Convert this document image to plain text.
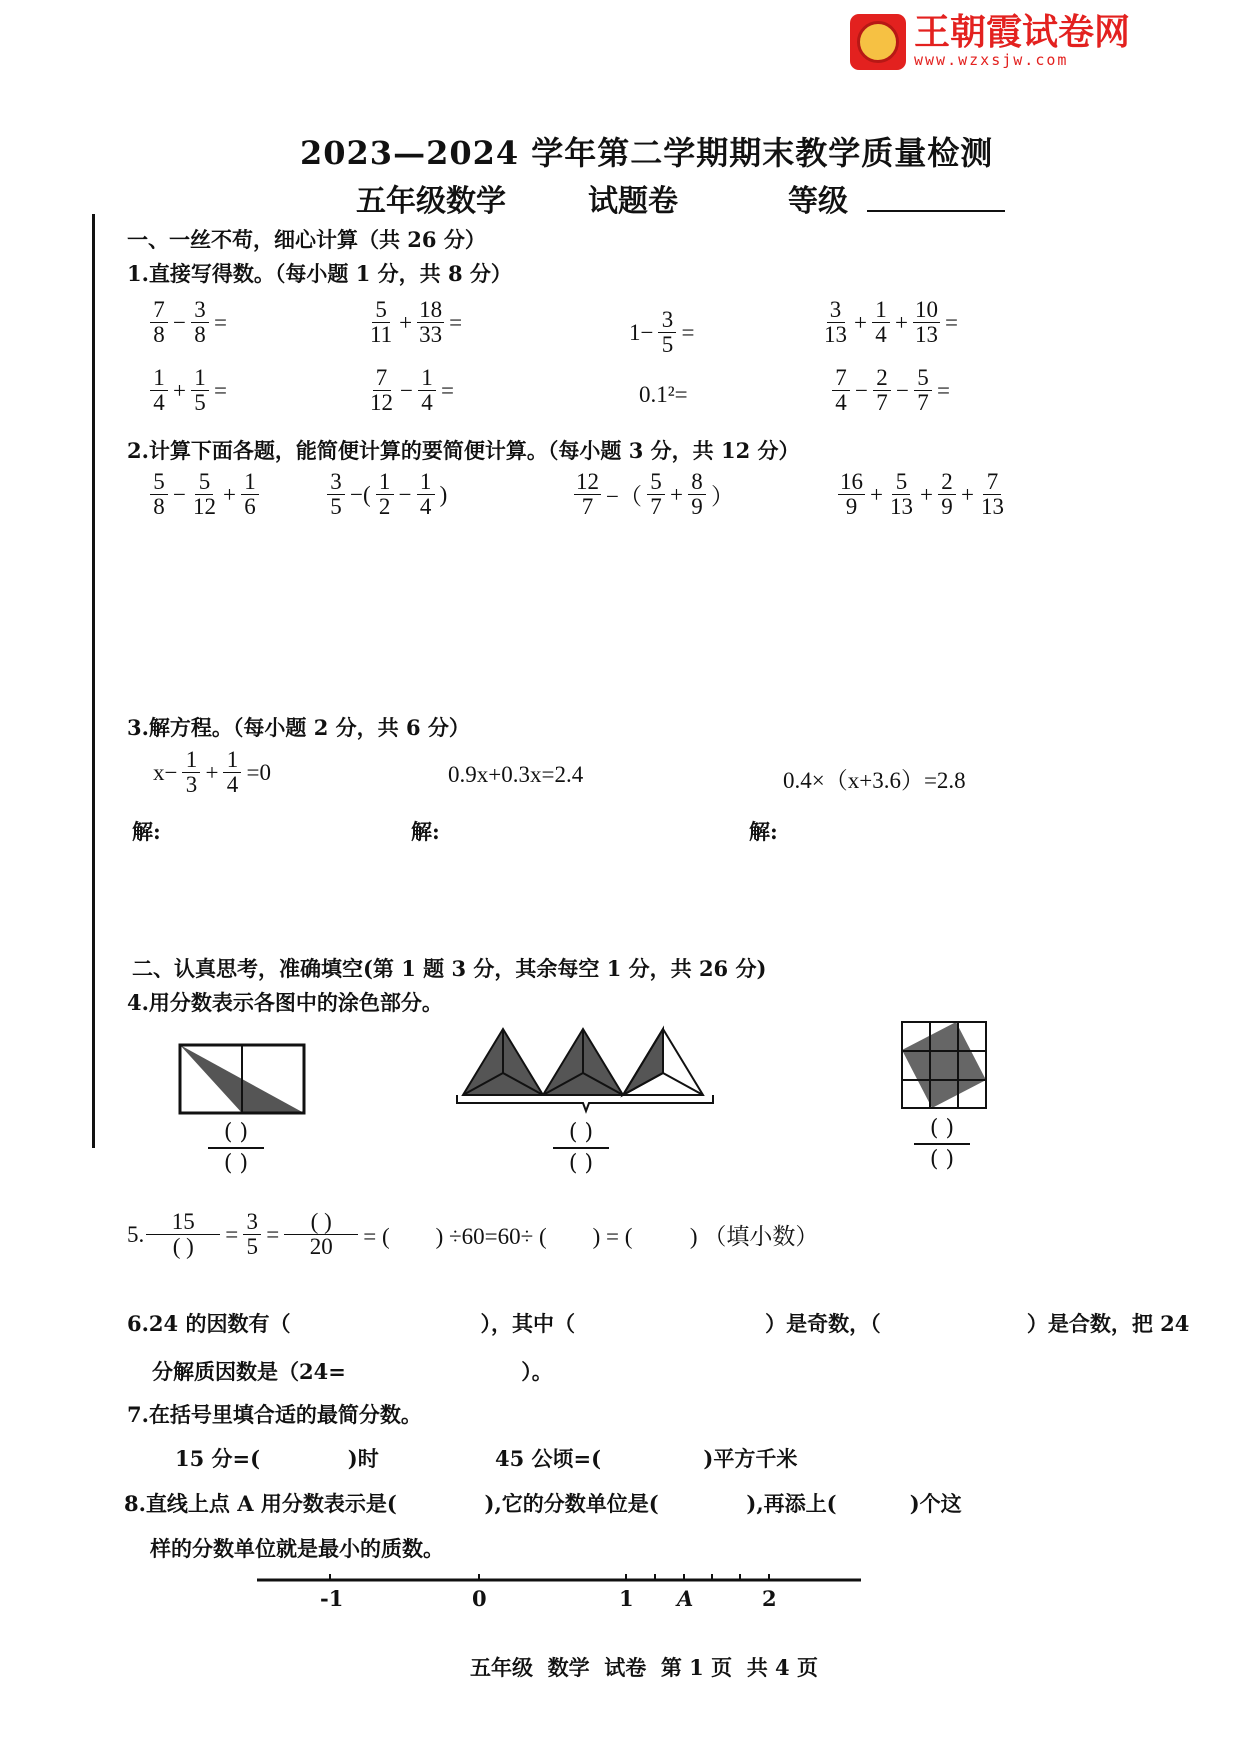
王朝霞试卷网
www.wzxsjw.com
2023—2024 学年第二学期期末教学质量检测
五年级数学	试题卷	等级
一、一丝不苟，细心计算（共 26 分）
1.直接写得数。（每小题 1 分，共 8 分）
$\frac{7}{8} - \frac{3}{8}$ =	$\frac{5}{11} + \frac{18}{33}$ =	$1- \frac{3}{5}$ =	$\frac{3}{13} + \frac{1}{4} + \frac{10}{13}$ =
$\frac{1}{4} + \frac{1}{5}$ =	$\frac{7}{12} - \frac{1}{4}$ =	0.1²=	$\frac{7}{4} - \frac{2}{7} - \frac{5}{7}$ =
2.计算下面各题，能简便计算的要简便计算。（每小题 3 分，共 12 分）
$\frac{5}{8} - \frac{5}{12} + \frac{1}{6}$	$\frac{3}{5}$ −( $\frac{1}{2} - \frac{1}{4}$ )	$\frac{12}{7}$ −（ $\frac{5}{7} + \frac{8}{9}$ ）	$\frac{16}{9} + \frac{5}{13} + \frac{2}{9} + \frac{7}{13}$
3.解方程。（每小题 2 分，共 6 分）
$x- \frac{1}{3} + \frac{1}{4} =0$	0.9x+0.3x=2.4	0.4×（x+3.6）=2.8
解:	解:	解:
二、认真思考，准确填空(第 1 题 3 分，其余每空 1 分，共 26 分)
4.用分数表示各图中的涂色部分。
( )
( )
( )
( )
( )
( )
5. $\frac{15}{( )} = \frac{3}{5} = \frac{( )}{20}$ = (        ) ÷60=60÷ (        ) = (          ) （填小数）
6.24 的因数有（                          ），其中（                          ）是奇数，（                    ）是合数，把 24
分解质因数是（24=                        ）。
7.在括号里填合适的最简分数。
15 分=(            )时	45 公顷=(              )平方千米
8.直线上点 A 用分数表示是(            ),它的分数单位是(            ),再添上(          )个这
样的分数单位就是最小的质数。
-1	0	1 A	2
五年级  数学  试卷  第 1 页  共 4 页
